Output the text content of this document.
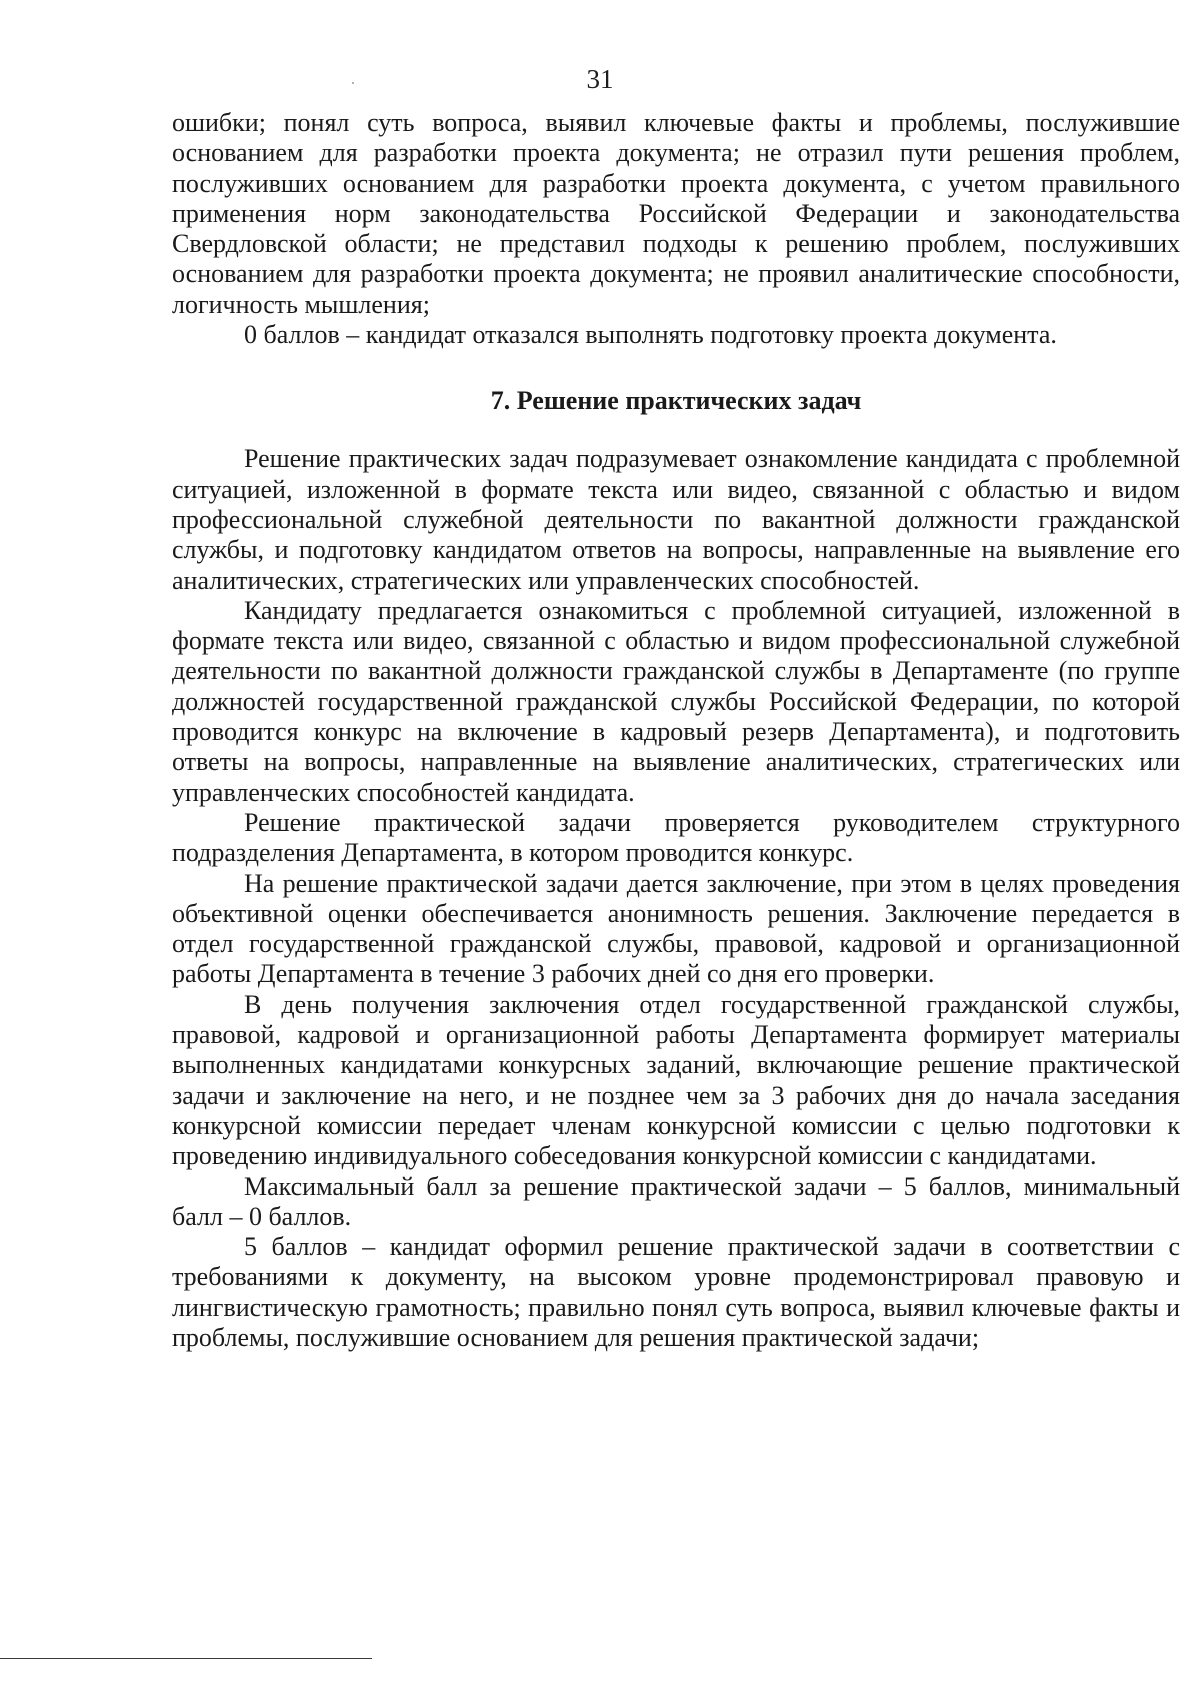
31

ошибки; понял суть вопроса, выявил ключевые факты и проблемы, послужившие основанием для разработки проекта документа; не отразил пути решения проблем, послуживших основанием для разработки проекта документа, с учетом правильного применения норм законодательства Российской Федерации и законодательства Свердловской области; не представил подходы к решению проблем, послуживших основанием для разработки проекта документа; не проявил аналитические способности, логичность мышления;

0 баллов – кандидат отказался выполнять подготовку проекта документа.

7. Решение практических задач

Решение практических задач подразумевает ознакомление кандидата с проблемной ситуацией, изложенной в формате текста или видео, связанной с областью и видом профессиональной служебной деятельности по вакантной должности гражданской службы, и подготовку кандидатом ответов на вопросы, направленные на выявление его аналитических, стратегических или управленческих способностей.

Кандидату предлагается ознакомиться с проблемной ситуацией, изложенной в формате текста или видео, связанной с областью и видом профессиональной служебной деятельности по вакантной должности гражданской службы в Департаменте (по группе должностей государственной гражданской службы Российской Федерации, по которой проводится конкурс на включение в кадровый резерв Департамента), и подготовить ответы на вопросы, направленные на выявление аналитических, стратегических или управленческих способностей кандидата.

Решение практической задачи проверяется руководителем структурного подразделения Департамента, в котором проводится конкурс.

На решение практической задачи дается заключение, при этом в целях проведения объективной оценки обеспечивается анонимность решения. Заключение передается в отдел государственной гражданской службы, правовой, кадровой и организационной работы Департамента в течение 3 рабочих дней со дня его проверки.

В день получения заключения отдел государственной гражданской службы, правовой, кадровой и организационной работы Департамента формирует материалы выполненных кандидатами конкурсных заданий, включающие решение практической задачи и заключение на него, и не позднее чем за 3 рабочих дня до начала заседания конкурсной комиссии передает членам конкурсной комиссии с целью подготовки к проведению индивидуального собеседования конкурсной комиссии с кандидатами.

Максимальный балл за решение практической задачи – 5 баллов, минимальный балл – 0 баллов.

5 баллов – кандидат оформил решение практической задачи в соответствии с требованиями к документу, на высоком уровне продемонстрировал правовую и лингвистическую грамотность; правильно понял суть вопроса, выявил ключевые факты и проблемы, послужившие основанием для решения практической задачи;
